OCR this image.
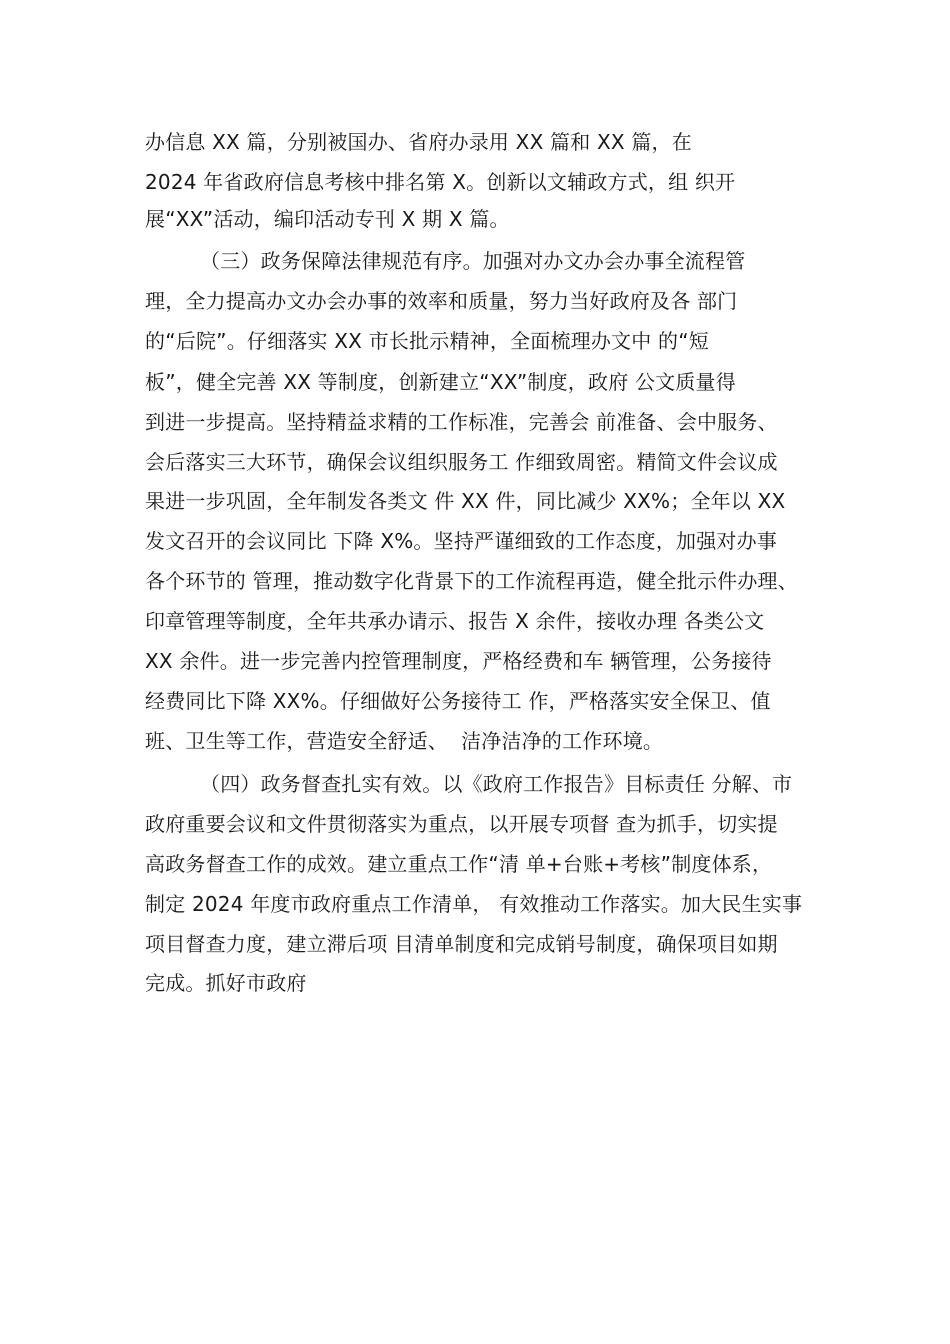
办信息 XX 篇，分别被国办、省府办录用 XX 篇和 XX 篇，在
2024 年省政府信息考核中排名第 X。创新以文辅政方式，组 织开
展“XX”活动，编印活动专刊 X 期 X 篇。
（三）政务保障法律规范有序。加强对办文办会办事全流程管
理，全力提高办文办会办事的效率和质量，努力当好政府及各 部门
的“后院”。仔细落实 XX 市长批示精神，全面梳理办文中 的“短
板”，健全完善 XX 等制度，创新建立“XX”制度，政府 公文质量得
到进一步提高。坚持精益求精的工作标准，完善会 前准备、会中服务、
会后落实三大环节，确保会议组织服务工 作细致周密。精简文件会议成
果进一步巩固，全年制发各类文 件 XX 件，同比减少 XX%；全年以 XX
发文召开的会议同比 下降 X%。坚持严谨细致的工作态度，加强对办事
各个环节的 管理，推动数字化背景下的工作流程再造，健全批示件办理、
印章管理等制度，全年共承办请示、报告 X 余件，接收办理 各类公文
XX 余件。进一步完善内控管理制度，严格经费和车 辆管理，公务接待
经费同比下降 XX%。仔细做好公务接待工 作，严格落实安全保卫、值
班、卫生等工作，营造安全舒适、  洁净洁净的工作环境。
（四）政务督查扎实有效。以《政府工作报告》目标责任 分解、市
政府重要会议和文件贯彻落实为重点，以开展专项督 查为抓手，切实提
高政务督查工作的成效。建立重点工作“清 单+台账+考核”制度体系，
制定 2024 年度市政府重点工作清单， 有效推动工作落实。加大民生实事
项目督查力度，建立滞后项 目清单制度和完成销号制度，确保项目如期
完成。抓好市政府
